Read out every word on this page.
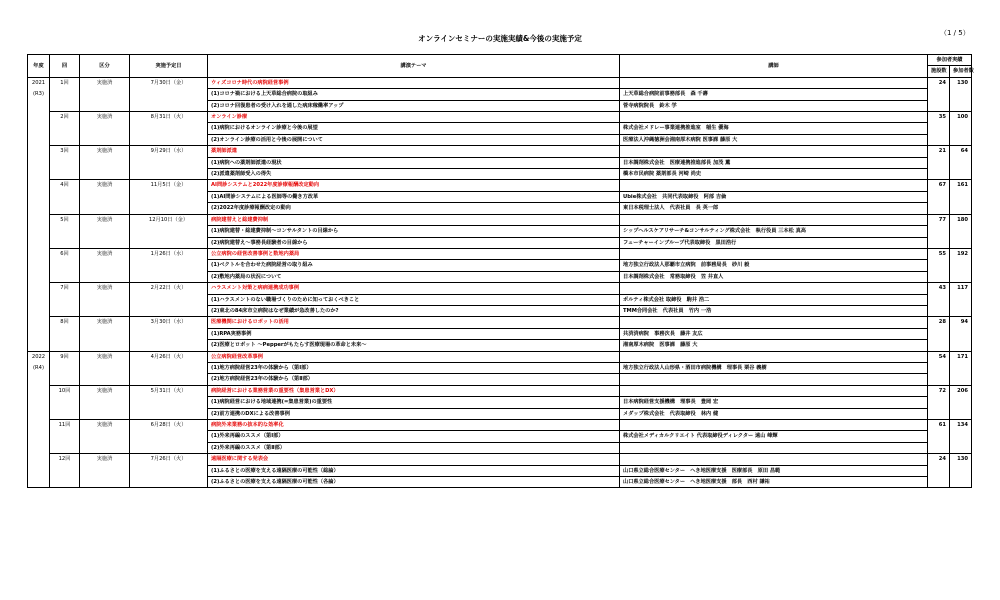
オンラインセミナーの実施実績&今後の実施予定
（1 / 5）
年度	回	区分	実施予定日	講演テーマ	講師	参加者実績	
						施設数	参加者数
2021	1回	実施済	7月30日（金）	ウィズコロナ時代の病院経営事例		24	130
(R3)				(1)コロナ禍における上天草総合病院の取組み	上天草総合病院前事務部長　森 千壽		
				(2)コロナ回復患者の受け入れを通した病床稼働率アップ	菅寺病院院長　鈴木 学		
	2回	実施済	8月31日（火）	オンライン診療		35	100
				(1)病院におけるオンライン診療と今後の展望	株式会社メドレー事業連携推進室　稲生 優海		
				(2)オンライン診療の活用と今後の展開について	医療法人沖縄徳洲会湘南厚木病院 医事課 藤原 大		
	3回	実施済	9月29日（水）	薬剤師派遣		21	64
				(1)病院への薬剤師派遣の現状	日本調剤株式会社　医療連携推進部長 加茂 薫		
				(2)派遣薬剤師受入の得失	橋本市民病院 薬剤部長 河崎 尚史		
	4回	実施済	11月5日（金）	AI問診システムと2022年度診療報酬改定動向		67	161
				(1)AI問診システムによる医師等の働き方改革	Ubie株式会社　共同代表取締役　阿部 吉倫		
				(2)2022年度診療報酬改定の動向	東日本税理士法人　代表社員　長 英一郎		
	5回	実施済	12月10日（金）	病院建替えと総建費抑制		77	180
				(1)病院建替・総建費抑制～コンサルタントの目線から	シップヘルスケアリサーチ&コンサルティング株式会社　執行役員 三本松 真高		
				(2)病院建替え～事務長経験者の目線から	フューチャーインブループ代表取締役　黒田浩行		
	6回	実施済	1月26日（水）	公立病院の経営改善事例と数地内薬局		55	192
				(1)ベクトルを合わせた病院経営の取り組み	地方独立行政法人那覇市立病院　前事務局長　砂川 毅		
				(2)敷地内薬局の状況について	日本調剤株式会社　常務取締役　笠 井直人		
	7回	実施済	2月22日（火）	ハラスメント対策と病病連携成功事例		43	117
				(1)ハラスメントのない職場づくりのために知っておくべきこと	ポルティ株式会社 取締役　駒井 浩二		
				(2)東北の84床市立病院はなぜ業績が急改善したのか?	TMM合同会社　代表社員　竹内 一浩		
	8回	実施済	3月30日（水）	医療機関におけるロボットの活用		28	94
				(1)RPA実務事例	共済済病院　事務次長　藤井 友広		
				(2)医療とロボット ～Pepperがもたらす医療現場の革命と未来～	湘南厚木病院　医事課　藤原 大		
2022	9回	実施済	4月26日（火）	公立病院経営改革事例		54	171
(R4)				(1)地方病院経営23年の体験から（第Ⅰ部）	地方独立行政法人山形県・酒田市病院機構　理事長 栗谷 義樹		
				(2)地方病院経営23年の体験から（第Ⅱ部）			
	10回	実施済	5月31日（火）	病院経営における業務営業の重要性（集患営業とDX）		72	206
				(1)病院経営における地域連携(=集患営業)の重要性	日本病院経営支援機構　理事長　豊岡 宏		
				(2)前方連携のDXによる改善事例	メダップ株式会社　代表取締役　林内 健		
	11回	実施済	6月28日（火）	病院外来業務の抜本的な効率化		61	134
				(1)外来再編のススメ（第Ⅰ部）	株式会社メディカルクリエイト 代表取締役ディレクター 遠山 峰輝		
				(2)外来再編のススメ（第Ⅱ部）			
	12回	実施済	7月26日（火）	遠隔医療に関する発表会		24	130
				(1)ふるさとの医療を支える遠隔医療の可能性（総論）	山口県立総合医療センター　へき地医療支援　医療部長　原田 昌範		
				(2)ふるさとの医療を支える遠隔医療の可能性（各論）	山口県立総合医療センター　へき地医療支援　部長　西村 謙祐		
